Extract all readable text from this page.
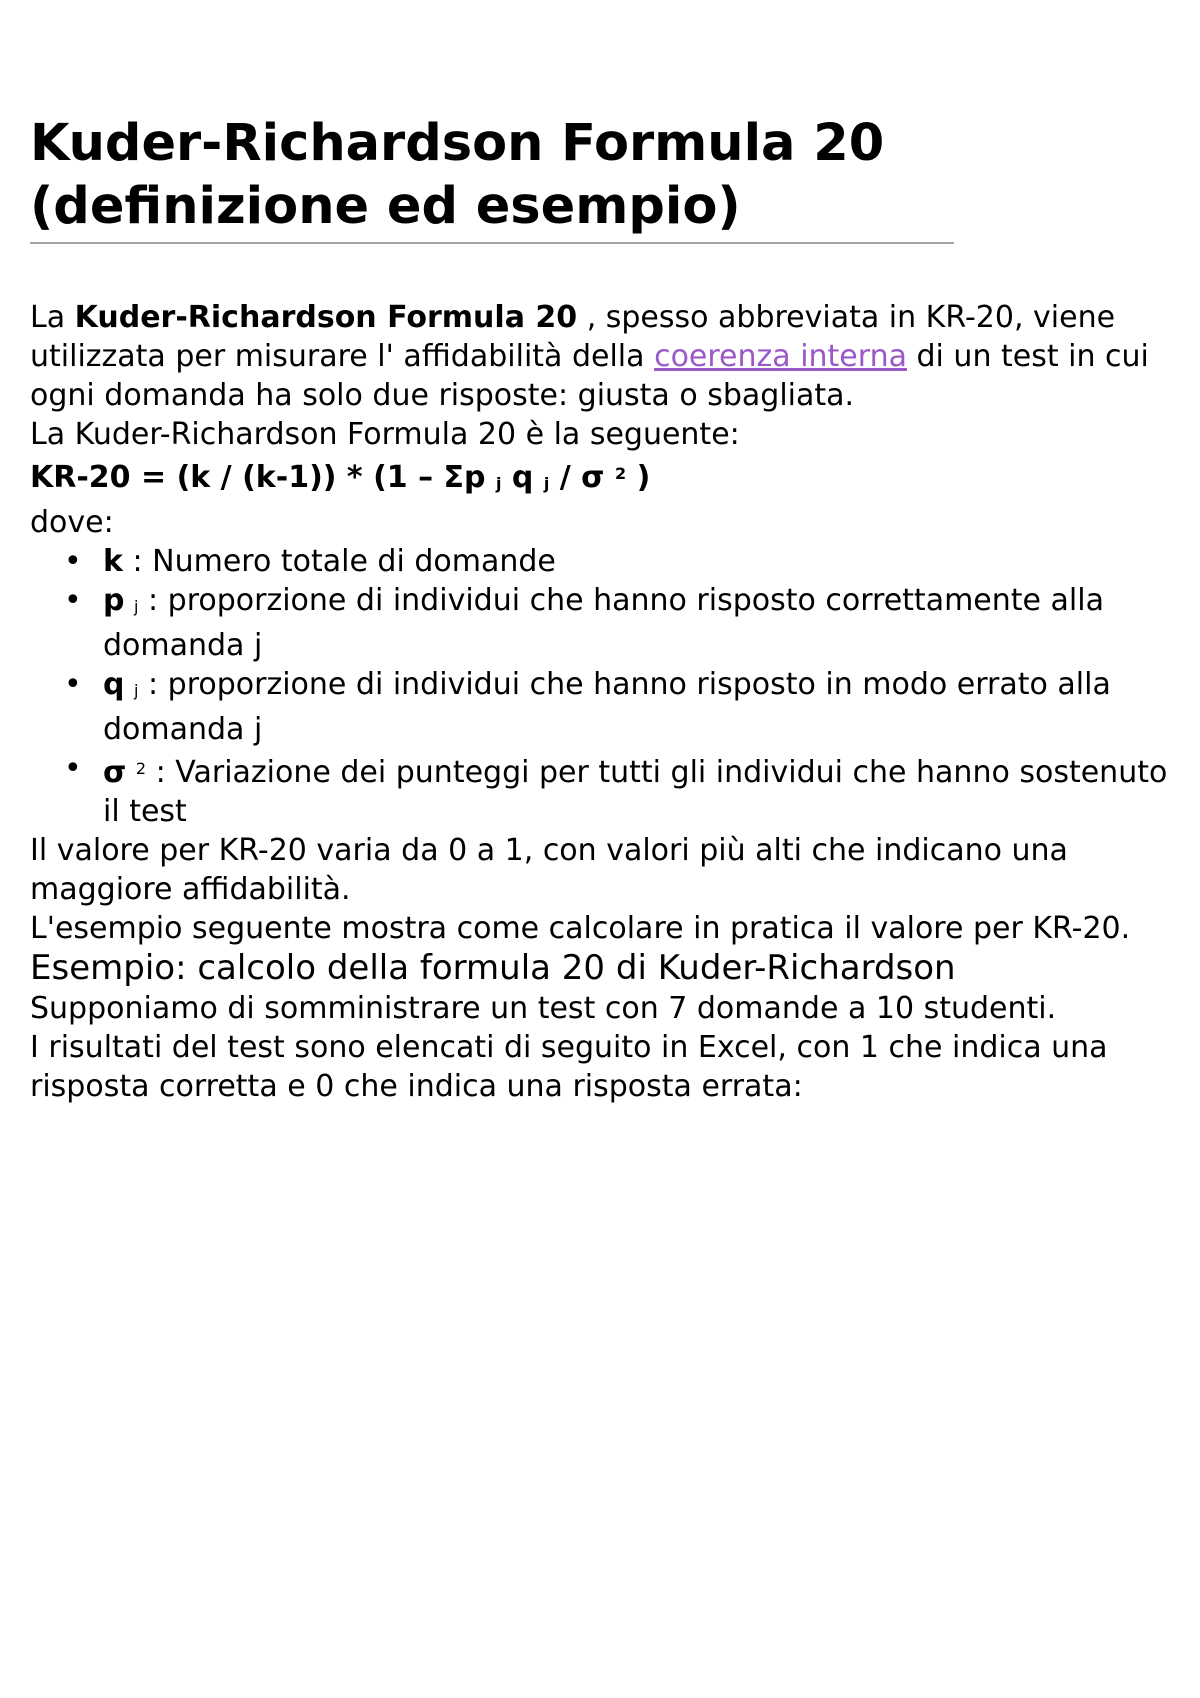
Kuder-Richardson Formula 20
(definizione ed esempio)

La Kuder-Richardson Formula 20 , spesso abbreviata in KR-20, viene utilizzata per misurare l' affidabilità della coerenza interna di un test in cui ogni domanda ha solo due risposte: giusta o sbagliata.

La Kuder-Richardson Formula 20 è la seguente:

KR-20 = (k / (k-1)) * (1 – Σp j q j / σ $^2$ )

dove:

• k : Numero totale di domande
• p j : proporzione di individui che hanno risposto correttamente alla domanda j
• q j : proporzione di individui che hanno risposto in modo errato alla domanda j
• σ $^2$ : Variazione dei punteggi per tutti gli individui che hanno sostenuto il test

Il valore per KR-20 varia da 0 a 1, con valori più alti che indicano una maggiore affidabilità.

L'esempio seguente mostra come calcolare in pratica il valore per KR-20.

Esempio: calcolo della formula 20 di Kuder-Richardson

Supponiamo di somministrare un test con 7 domande a 10 studenti.

I risultati del test sono elencati di seguito in Excel, con 1 che indica una risposta corretta e 0 che indica una risposta errata:
